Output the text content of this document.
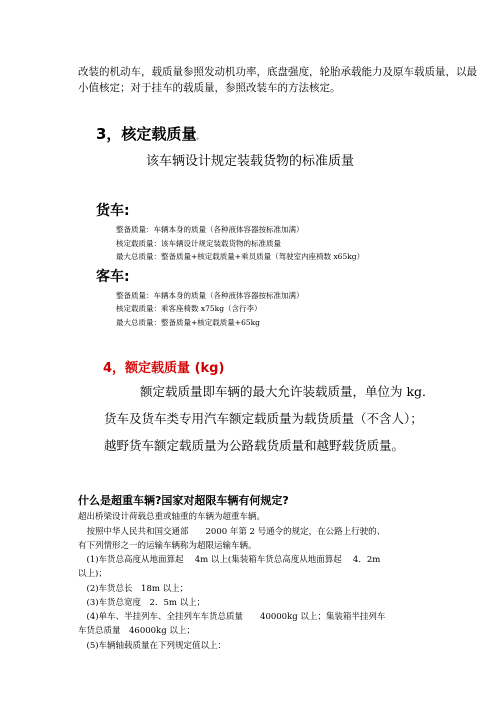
改装的机动车，载质量参照发动机功率，底盘强度，轮胎承载能力及原车载质量，以最
小值核定；对于挂车的载质量，参照改装车的方法核定。
3，核定载质量。
该车辆设计规定装载货物的标准质量
货车:
整备质量：车辆本身的质量（各种液体容器按标准加满）
核定载质量：该车辆设计规定装载货物的标准质量
最大总质量：整备质量+核定载质量+乘员质量（驾驶室内座椅数 x65kg）
客车:
整备质量：车辆本身的质量（各种液体容器按标准加满）
核定载质量：乘客座椅数 x75kg（含行李）
最大总质量：整备质量+核定载质量+65kg
4，额定载质量 (kg)
额定载质量即车辆的最大允许装载质量，单位为 kg．
货车及货车类专用汽车额定载质量为载货质量（不含人）；
越野货车额定载质量为公路载货质量和越野载货质量。
什么是超重车辆?国家对超限车辆有何规定?
超出桥梁设计荷载总重或轴重的车辆为超重车辆。
　按照中华人民共和国交通部　　2000 年第 2 号通令的规定，在公路上行驶的、
有下列情形之一的运输车辆称为超限运输车辆。
　(1)车货总高度从地面算起　 4m 以上(集装箱车货总高度从地面算起　 4．2m
以上)；
　(2)车货总长　18m 以上；
　(3)车货总宽度　2．5m 以上；
　(4)单车、半挂列车、全挂列车车货总质量　　40000kg 以上；集装箱半挂列车
车货总质量　46000kg 以上；
　(5)车辆轴载质量在下列规定值以上：
